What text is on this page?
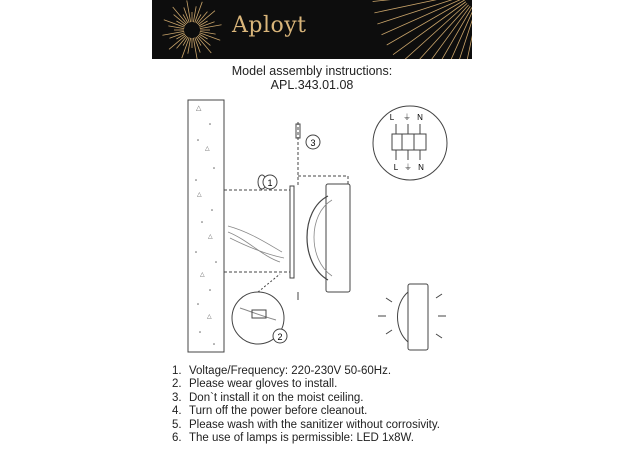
Aployt
Model assembly instructions:
APL.343.01.08
△
△
△
△
△
△
1
3
2
L ⏚ N
L ⏚ N
1. Voltage/Frequency: 220-230V 50-60Hz.
2. Please wear gloves to install.
3. Don`t install it on the moist ceiling.
4. Turn off the power before cleanout.
5. Please wash with the sanitizer without corrosivity.
6. The use of lamps is permissible: LED 1x8W.
